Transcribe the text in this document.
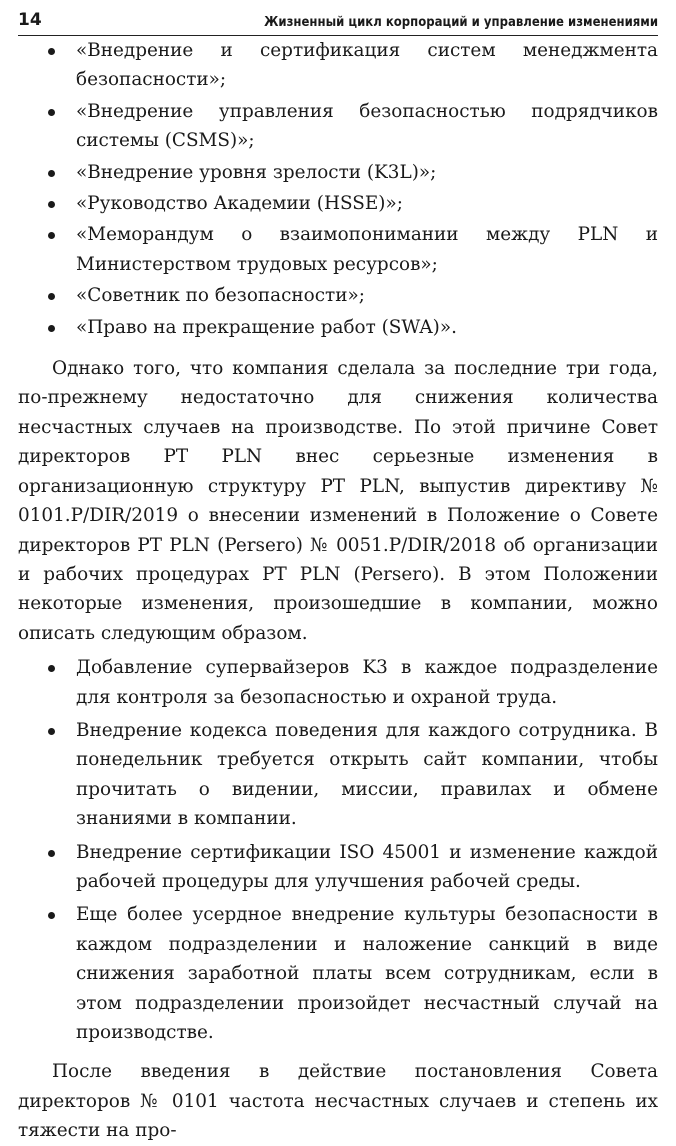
14	Жизненный цикл корпораций и управление изменениями
«Внедрение и сертификация систем менеджмента безопасности»;
«Внедрение управления безопасностью подрядчиков системы (CSMS)»;
«Внедрение уровня зрелости (K3L)»;
«Руководство Академии (HSSE)»;
«Меморандум о взаимопонимании между PLN и Министерством трудовых ресурсов»;
«Советник по безопасности»;
«Право на прекращение работ (SWA)».

Однако того, что компания сделала за последние три года, по-прежнему недостаточно для снижения количества несчастных случаев на производстве. По этой причине Совет директоров PT PLN внес серьезные изменения в организационную структуру PT PLN, выпустив директиву № 0101.P/DIR/2019 о внесении изменений в Положение о Совете директоров PT PLN (Persero) № 0051.P/DIR/2018 об организации и рабочих процедурах PT PLN (Persero). В этом Положении некоторые изменения, произошедшие в компании, можно описать следующим образом.

Добавление супервайзеров K3 в каждое подразделение для контроля за безопасностью и охраной труда.
Внедрение кодекса поведения для каждого сотрудника. В понедельник требуется открыть сайт компании, чтобы прочитать о видении, миссии, правилах и обмене знаниями в компании.
Внедрение сертификации ISO 45001 и изменение каждой рабочей процедуры для улучшения рабочей среды.
Еще более усердное внедрение культуры безопасности в каждом подразделении и наложение санкций в виде снижения заработной платы всем сотрудникам, если в этом подразделении произойдет несчастный случай на производстве.

После введения в действие постановления Совета директоров № 0101 частота несчастных случаев и степень их тяжести на про-
